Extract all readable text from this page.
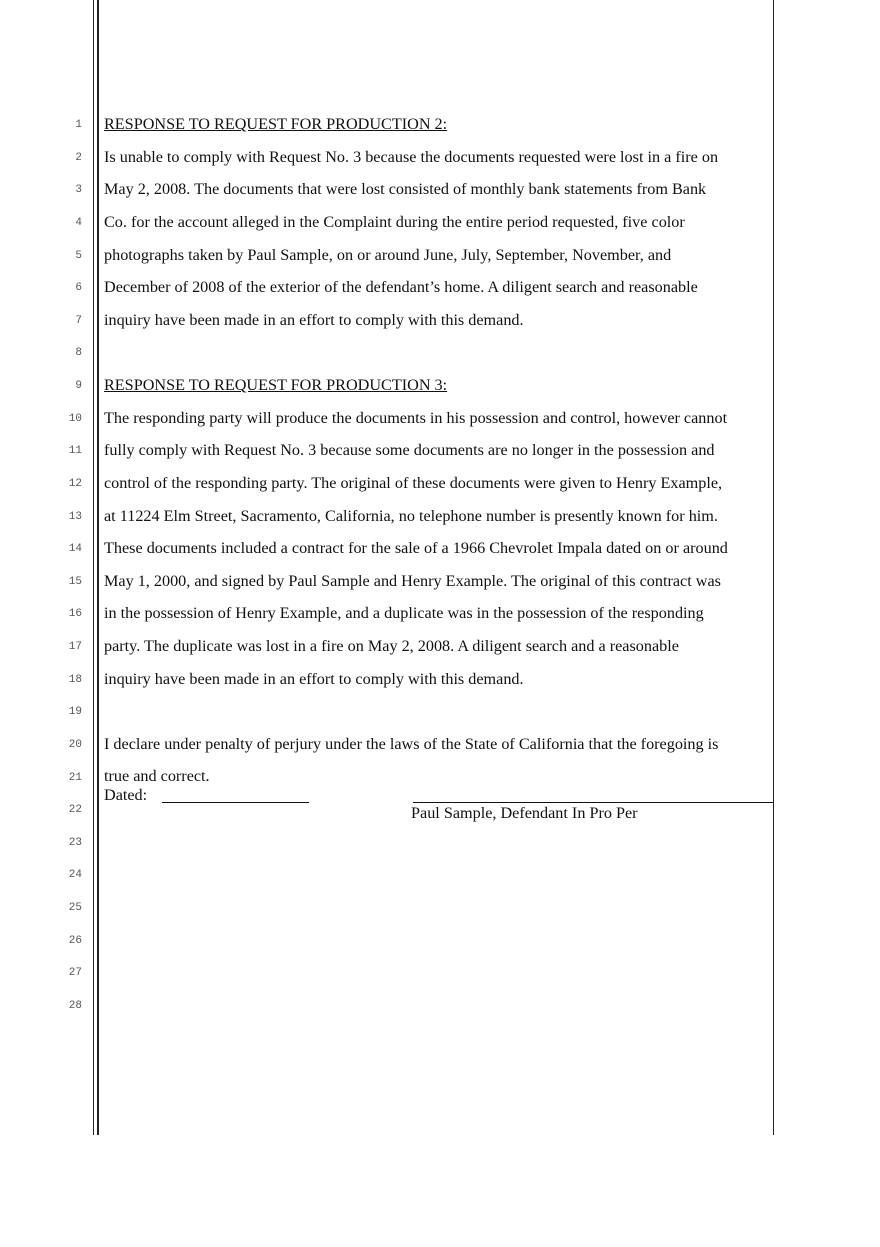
1
2
3
4
5
6
7
8
9
10
11
12
13
14
15
16
17
18
19
20
21
22
23
24
25
26
27
28
RESPONSE TO REQUEST FOR PRODUCTION 2:
Is unable to comply with Request No. 3 because the documents requested were lost in a fire on
May 2, 2008. The documents that were lost consisted of monthly bank statements from Bank
Co. for the account alleged in the Complaint during the entire period requested, five color
photographs taken by Paul Sample, on or around June, July, September, November, and
December of 2008 of the exterior of the defendant’s home. A diligent search and reasonable
inquiry have been made in an effort to comply with this demand.
RESPONSE TO REQUEST FOR PRODUCTION 3:
The responding party will produce the documents in his possession and control, however cannot
fully comply with Request No. 3 because some documents are no longer in the possession and
control of the responding party. The original of these documents were given to Henry Example,
at 11224 Elm Street, Sacramento, California, no telephone number is presently known for him.
These documents included a contract for the sale of a 1966 Chevrolet Impala dated on or around
May 1, 2000, and signed by Paul Sample and Henry Example. The original of this contract was
in the possession of Henry Example, and a duplicate was in the possession of the responding
party. The duplicate was lost in a fire on May 2, 2008. A diligent search and a reasonable
inquiry have been made in an effort to comply with this demand.
I declare under penalty of perjury under the laws of the State of California that the foregoing is
true and correct.
Dated:
Paul Sample, Defendant In Pro Per
